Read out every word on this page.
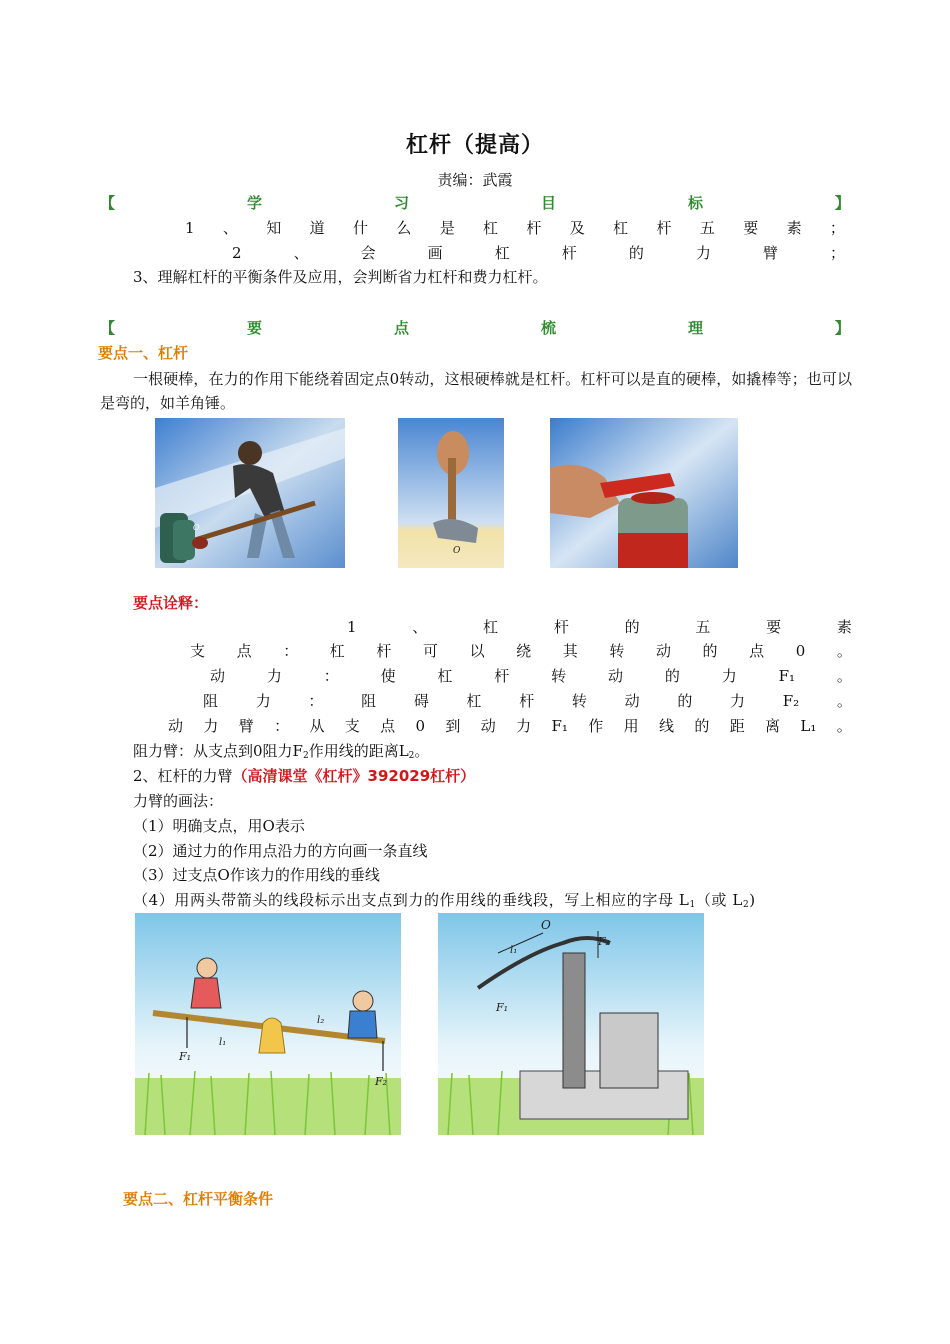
杠杆（提高）
责编：武霞
【	学	习	目	标	】
1 、 知 道 什 么 是 杠 杆 及 杠 杆 五 要 素 ；
2	、	会	画	杠	杆	的	力	臂	；
3、理解杠杆的平衡条件及应用，会判断省力杠杆和费力杠杆。
【	要	点	梳	理	】
要点一、杠杆
一根硬棒，在力的作用下能绕着固定点0转动，这根硬棒就是杠杆。杠杆可以是直的硬棒，如撬棒等；也可以是弯的，如羊角锤。
O
O
要点诠释：
1	、	杠	杆	的	五	要	素
支 点 ： 杠 杆 可 以 绕 其 转 动 的 点 0 。
动	力	：	使	杠	杆	转	动	的	力	F₁	。
阻	力	：	阻	碍	杠	杆	转	动	的	力	F₂	。
动 力 臂 ： 从 支 点 0 到 动 力 F₁ 作 用 线 的 距 离 L₁ 。
阻力臂：从支点到0阻力$F_2$作用线的距离$L_2$。
2、杠杆的力臂（高清课堂《杠杆》392029杠杆）
力臂的画法：
（1）明确支点，用O表示
（2）通过力的作用点沿力的方向画一条直线
（3）过支点O作该力的作用线的垂线
（4）用两头带箭头的线段标示出支点到力的作用线的垂线段，写上相应的字母 $L_1$（或 $L_2$)
F₁
l₁
l₂
F₂
O
l₁
F₂
F₁
要点二、杠杆平衡条件
